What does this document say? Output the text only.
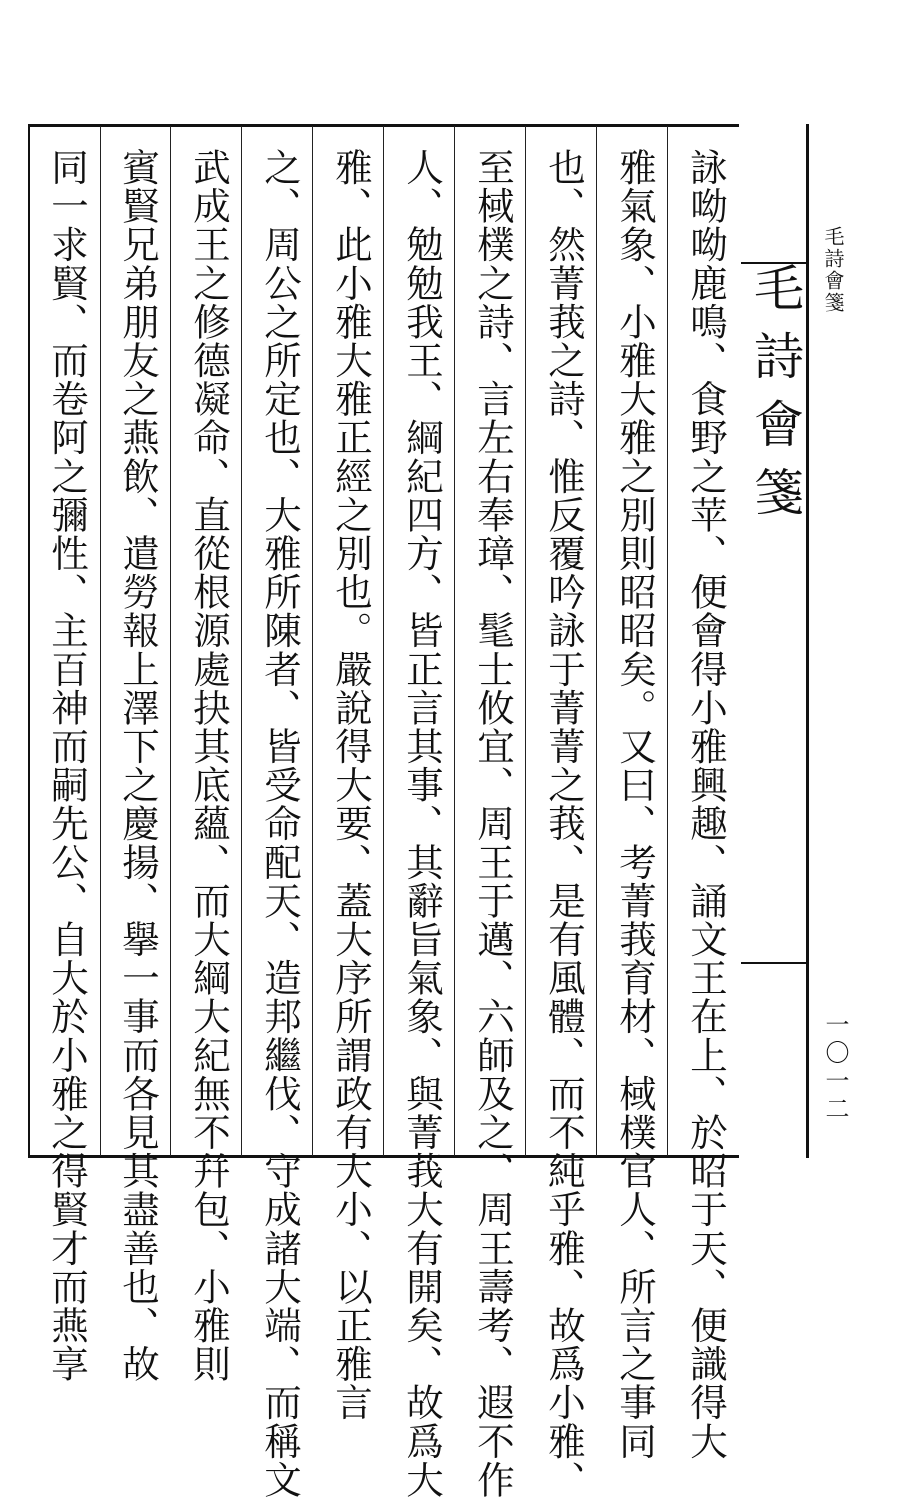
詠呦呦鹿鳴、食野之苹、便會得小雅興趣、誦文王在上、於昭于天、便識得大
雅氣象、小雅大雅之別則昭昭矣。又曰、考菁莪育材、棫樸官人、所言之事同
也、然菁莪之詩、惟反覆吟詠于菁菁之莪、是有風體、而不純乎雅、故爲小雅、
至棫樸之詩、言左右奉璋、髦士攸宜、周王于邁、六師及之、周王壽考、遐不作
人、勉勉我王、綱紀四方、皆正言其事、其辭旨氣象、與菁莪大有開矣、故爲大
雅、此小雅大雅正經之別也。嚴說得大要、蓋大序所謂政有大小、以正雅言
之、周公之所定也、大雅所陳者、皆受命配天、造邦繼伐、守成諸大端、而稱文
武成王之修德凝命、直從根源處抉其底蘊、而大綱大紀無不幷包、小雅則
賓賢兄弟朋友之燕飲、遣勞報上澤下之慶揚、擧一事而各見其盡善也、故
同一求賢、而卷阿之彌性、主百神而嗣先公、自大於小雅之得賢才而燕享	毛詩會箋 毛詩會箋
一〇一二
